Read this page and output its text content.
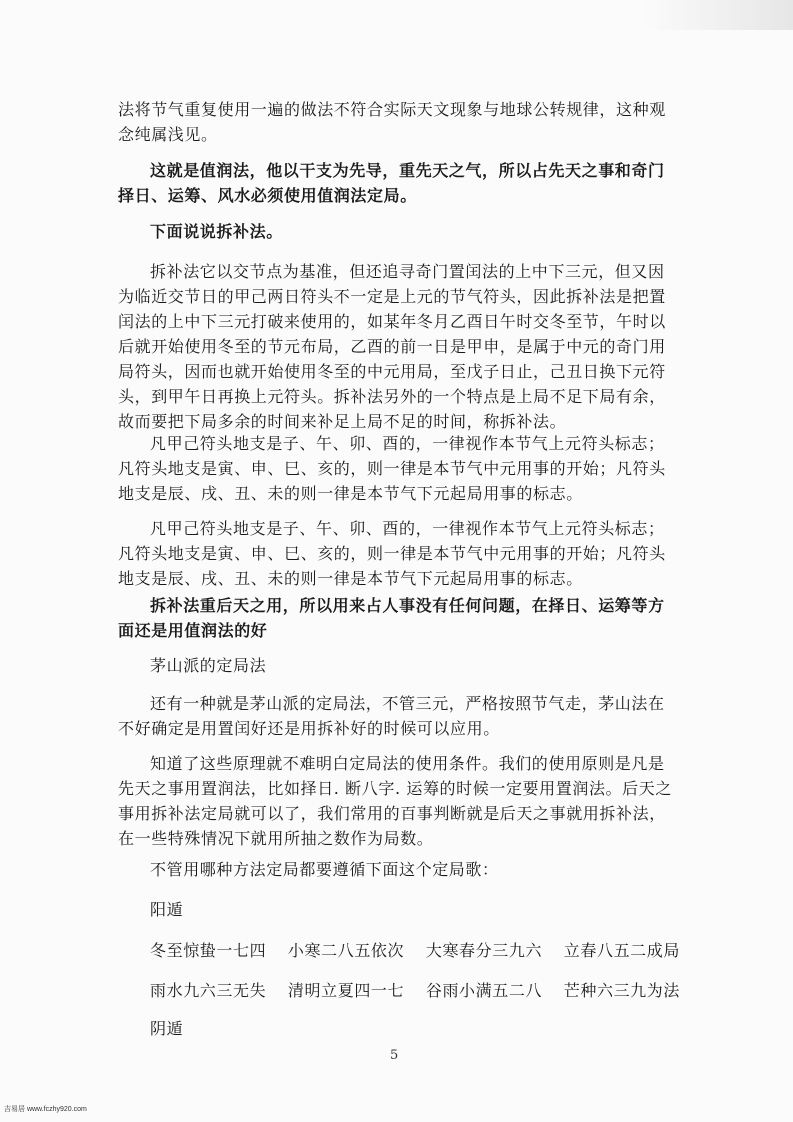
法将节气重复使用一遍的做法不符合实际天文现象与地球公转规律，这种观念纯属浅见。

这就是值润法，他以干支为先导，重先天之气，所以占先天之事和奇门择日、运筹、风水必须使用值润法定局。

下面说说拆补法。

拆补法它以交节点为基准，但还追寻奇门置闰法的上中下三元，但又因为临近交节日的甲己两日符头不一定是上元的节气符头，因此拆补法是把置闰法的上中下三元打破来使用的，如某年冬月乙酉日午时交冬至节，午时以后就开始使用冬至的节元布局，乙酉的前一日是甲申，是属于中元的奇门用局符头，因而也就开始使用冬至的中元用局，至戊子日止，己丑日换下元符头，到甲午日再换上元符头。拆补法另外的一个特点是上局不足下局有余，故而要把下局多余的时间来补足上局不足的时间，称拆补法。

凡甲己符头地支是子、午、卯、酉的，一律视作本节气上元符头标志；凡符头地支是寅、申、巳、亥的，则一律是本节气中元用事的开始；凡符头地支是辰、戌、丑、未的则一律是本节气下元起局用事的标志。

凡甲己符头地支是子、午、卯、酉的，一律视作本节气上元符头标志；凡符头地支是寅、申、巳、亥的，则一律是本节气中元用事的开始；凡符头地支是辰、戌、丑、未的则一律是本节气下元起局用事的标志。

拆补法重后天之用，所以用来占人事没有任何问题，在择日、运筹等方面还是用值润法的好

茅山派的定局法

还有一种就是茅山派的定局法，不管三元，严格按照节气走，茅山法在不好确定是用置闰好还是用拆补好的时候可以应用。

知道了这些原理就不难明白定局法的使用条件。我们的使用原则是凡是先天之事用置润法，比如择日. 断八字. 运筹的时候一定要用置润法。后天之事用拆补法定局就可以了，我们常用的百事判断就是后天之事就用拆补法，在一些特殊情况下就用所抽之数作为局数。

不管用哪种方法定局都要遵循下面这个定局歌：

阳遁
冬至惊蛰一七四 小寒二八五依次 大寒春分三九六 立春八五二成局
雨水九六三无失 清明立夏四一七 谷雨小满五二八 芒种六三九为法
阴遁
5
吉易居 www.fczhy920.com
